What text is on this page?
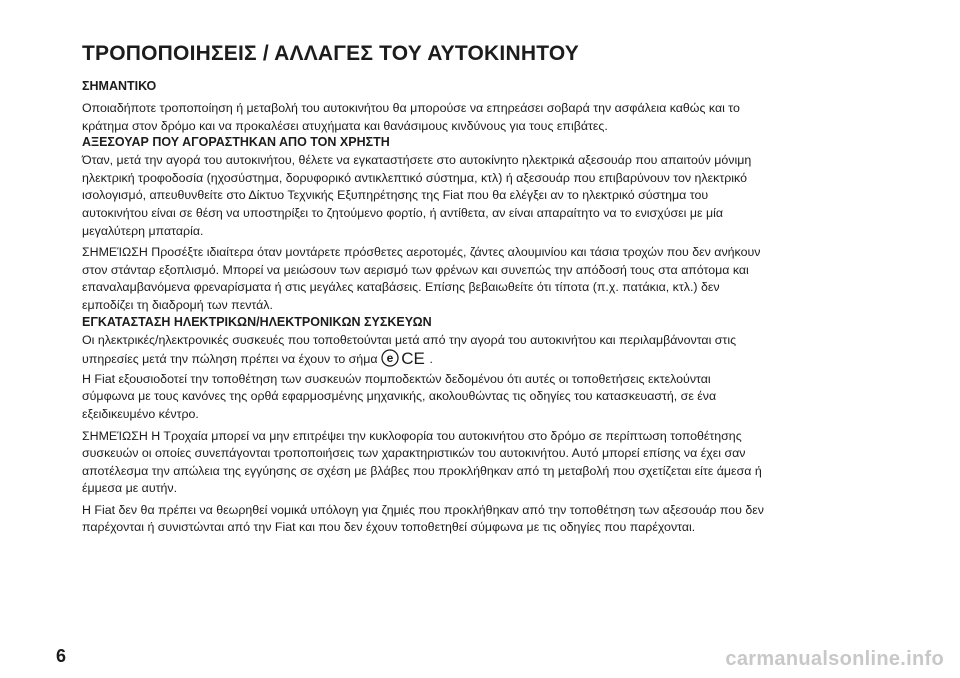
ΤΡΟΠΟΠΟΙΗΣΕΙΣ / ΑΛΛΑΓΕΣ ΤΟΥ ΑΥΤΟΚΙΝΗΤΟΥ

ΣΗΜΑΝΤΙΚΟ

Οποιαδήποτε τροποποίηση ή μεταβολή του αυτοκινήτου θα μπορούσε να επηρεάσει σοβαρά την ασφάλεια καθώς και το

κράτημα στον δρόμο και να προκαλέσει ατυχήματα και θανάσιμους κινδύνους για τους επιβάτες.

ΑΞΕΣΟΥΑΡ ΠΟΥ ΑΓΟΡΑΣΤΗΚΑΝ ΑΠΟ ΤΟΝ ΧΡΗΣΤΗ

Όταν, μετά την αγορά του αυτοκινήτου, θέλετε να εγκαταστήσετε στο αυτοκίνητο ηλεκτρικά αξεσουάρ που απαιτούν μόνιμη

ηλεκτρική τροφοδοσία (ηχοσύστημα, δορυφορικό αντικλεπτικό σύστημα, κτλ) ή αξεσουάρ που επιβαρύνουν τον ηλεκτρικό

ισολογισμό, απευθυνθείτε στο Δίκτυο Τεχνικής Εξυπηρέτησης της Fiat που θα ελέγξει αν το ηλεκτρικό σύστημα του

αυτοκινήτου είναι σε θέση να υποστηρίξει το ζητούμενο φορτίο, ή αντίθετα, αν είναι απαραίτητο να το ενισχύσει με μία

μεγαλύτερη μπαταρία.

ΣΗΜΕΊΩΣΗ Προσέξτε ιδιαίτερα όταν μοντάρετε πρόσθετες αεροτομές, ζάντες αλουμινίου και τάσια τροχών που δεν ανήκουν

στον στάνταρ εξοπλισμό. Μπορεί να μειώσουν των αερισμό των φρένων και συνεπώς την απόδοσή τους στα απότομα και

επαναλαμβανόμενα φρεναρίσματα ή στις μεγάλες καταβάσεις. Επίσης βεβαιωθείτε ότι τίποτα (π.χ. πατάκια, κτλ.) δεν

εμποδίζει τη διαδρομή των πεντάλ.

ΕΓΚΑΤΑΣΤΑΣΗ ΗΛΕΚΤΡΙΚΩΝ/ΗΛΕΚΤΡΟΝΙΚΩΝ ΣΥΣΚΕΥΩΝ

Οι ηλεκτρικές/ηλεκτρονικές συσκευές που τοποθετούνται μετά από την αγορά του αυτοκινήτου και περιλαμβάνονται στις

υπηρεσίες μετά την πώληση πρέπει να έχουν το σήμα e CE .

Η Fiat εξουσιοδοτεί την τοποθέτηση των συσκευών πομποδεκτών δεδομένου ότι αυτές οι τοποθετήσεις εκτελούνται

σύμφωνα με τους κανόνες της ορθά εφαρμοσμένης μηχανικής, ακολουθώντας τις οδηγίες του κατασκευαστή, σε ένα

εξειδικευμένο κέντρο.

ΣΗΜΕΊΩΣΗ Η Τροχαία μπορεί να μην επιτρέψει την κυκλοφορία του αυτοκινήτου στο δρόμο σε περίπτωση τοποθέτησης

συσκευών οι οποίες συνεπάγονται τροποποιήσεις των χαρακτηριστικών του αυτοκινήτου. Αυτό μπορεί επίσης να έχει σαν

αποτέλεσμα την απώλεια της εγγύησης σε σχέση με βλάβες που προκλήθηκαν από τη μεταβολή που σχετίζεται είτε άμεσα ή

έμμεσα με αυτήν.

Η Fiat δεν θα πρέπει να θεωρηθεί νομικά υπόλογη για ζημιές που προκλήθηκαν από την τοποθέτηση των αξεσουάρ που δεν

παρέχονται ή συνιστώνται από την Fiat και που δεν έχουν τοποθετηθεί σύμφωνα με τις οδηγίες που παρέχονται.

6	carmanualsonline.info
